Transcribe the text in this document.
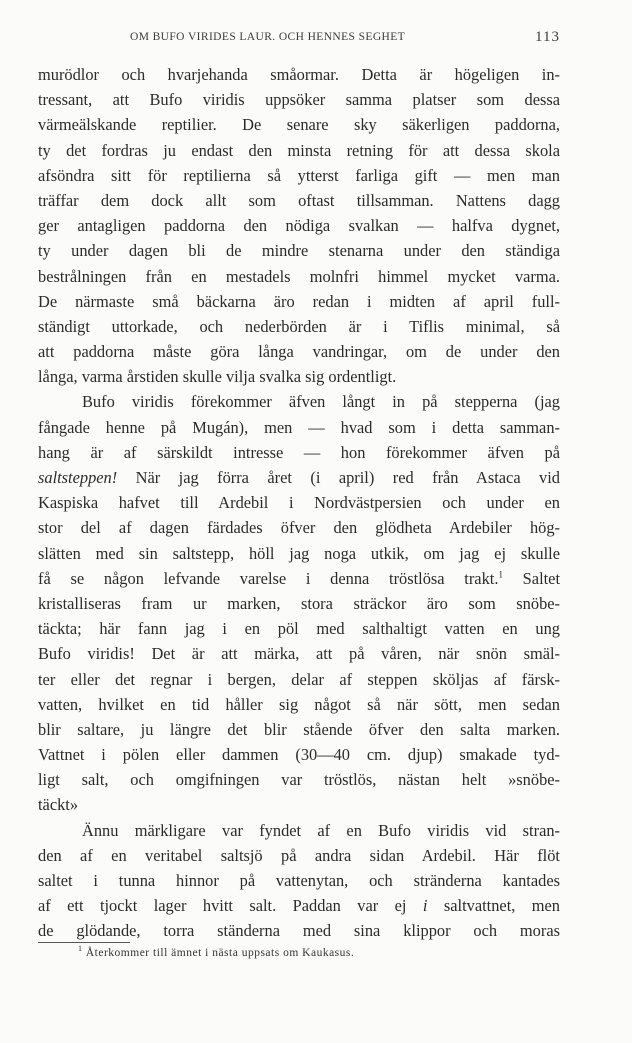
OM BUFO VIRIDES LAUR. OCH HENNES SEGHET	113
murödlor och hvarjehanda småormar. Detta är högeligen in-
tressant, att Bufo viridis uppsöker samma platser som dessa
värmeälskande reptilier. De senare sky säkerligen paddorna,
ty det fordras ju endast den minsta retning för att dessa skola
afsöndra sitt för reptilierna så ytterst farliga gift — men man
träffar dem dock allt som oftast tillsamman. Nattens dagg
ger antagligen paddorna den nödiga svalkan — halfva dygnet,
ty under dagen bli de mindre stenarna under den ständiga
bestrålningen från en mestadels molnfri himmel mycket varma.
De närmaste små bäckarna äro redan i midten af april full-
ständigt uttorkade, och nederbörden är i Tiflis minimal, så
att paddorna måste göra långa vandringar, om de under den
långa, varma årstiden skulle vilja svalka sig ordentligt.
Bufo viridis förekommer äfven långt in på stepperna (jag
fångade henne på Mugán), men — hvad som i detta samman-
hang är af särskildt intresse — hon förekommer äfven på
saltsteppen! När jag förra året (i april) red från Astaca vid
Kaspiska hafvet till Ardebil i Nordvästpersien och under en
stor del af dagen färdades öfver den glödheta Ardebiler hög-
slätten med sin saltstepp, höll jag noga utkik, om jag ej skulle
få se någon lefvande varelse i denna tröstlösa trakt.$^1$ Saltet
kristalliseras fram ur marken, stora sträckor äro som snöbe-
täckta; här fann jag i en pöl med salthaltigt vatten en ung
Bufo viridis! Det är att märka, att på våren, när snön smäl-
ter eller det regnar i bergen, delar af steppen sköljas af färsk-
vatten, hvilket en tid håller sig något så när sött, men sedan
blir saltare, ju längre det blir stående öfver den salta marken.
Vattnet i pölen eller dammen (30—40 cm. djup) smakade tyd-
ligt salt, och omgifningen var tröstlös, nästan helt »snöbe-
täckt»
Ännu märkligare var fyndet af en Bufo viridis vid stran-
den af en veritabel saltsjö på andra sidan Ardebil. Här flöt
saltet i tunna hinnor på vattenytan, och stränderna kantades
af ett tjockt lager hvitt salt. Paddan var ej i saltvattnet, men
de glödande, torra ständerna med sina klippor och moras
$^1$ Återkommer till ämnet i nästa uppsats om Kaukasus.
